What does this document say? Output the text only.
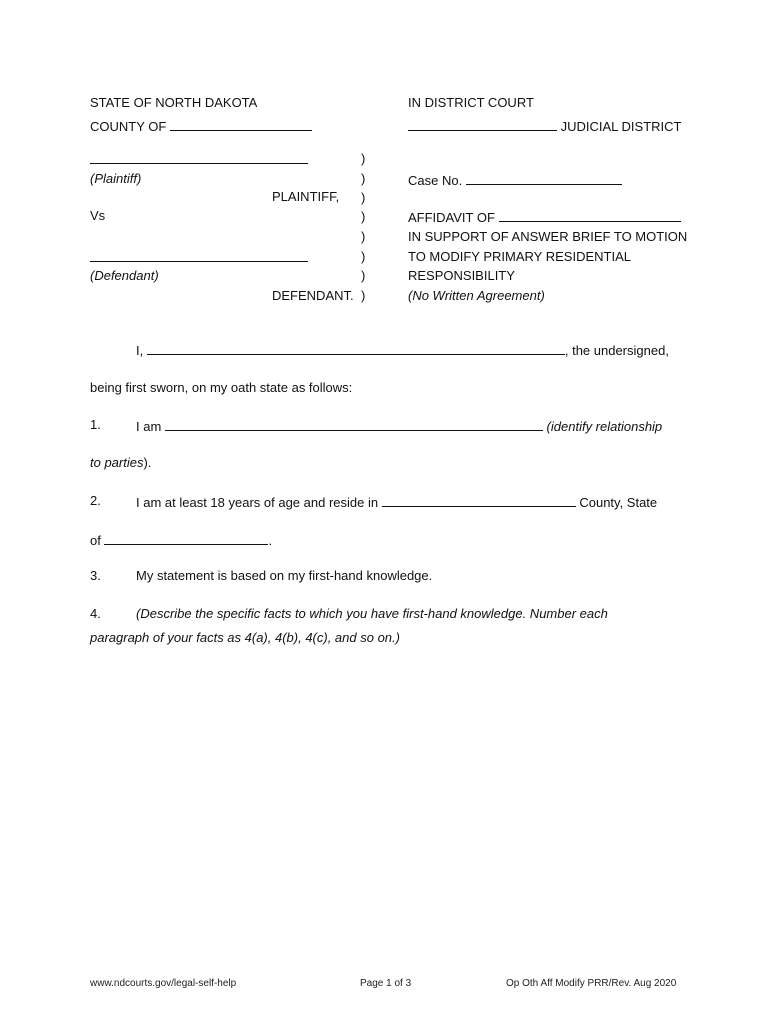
STATE OF NORTH DAKOTA
COUNTY OF
IN DISTRICT COURT
JUDICIAL DISTRICT
(Plaintiff)
PLAINTIFF,
Vs
(Defendant)
DEFENDANT.
)
)
)
)
)
)
)
)
Case No.
AFFIDAVIT OF
IN SUPPORT OF ANSWER BRIEF TO MOTION
TO MODIFY PRIMARY RESIDENTIAL
RESPONSIBILITY
(No Written Agreement)
I,	, the undersigned,
being first sworn, on my oath state as follows:
1.	I am	(identify relationship
to parties).
2.	I am at least 18 years of age and reside in	County, State
of	.
3.	My statement is based on my first-hand knowledge.
4.	(Describe the specific facts to which you have first-hand knowledge. Number each
paragraph of your facts as 4(a), 4(b), 4(c), and so on.)
www.ndcourts.gov/legal-self-help	Page 1 of 3	Op Oth Aff Modify PRR/Rev. Aug 2020
